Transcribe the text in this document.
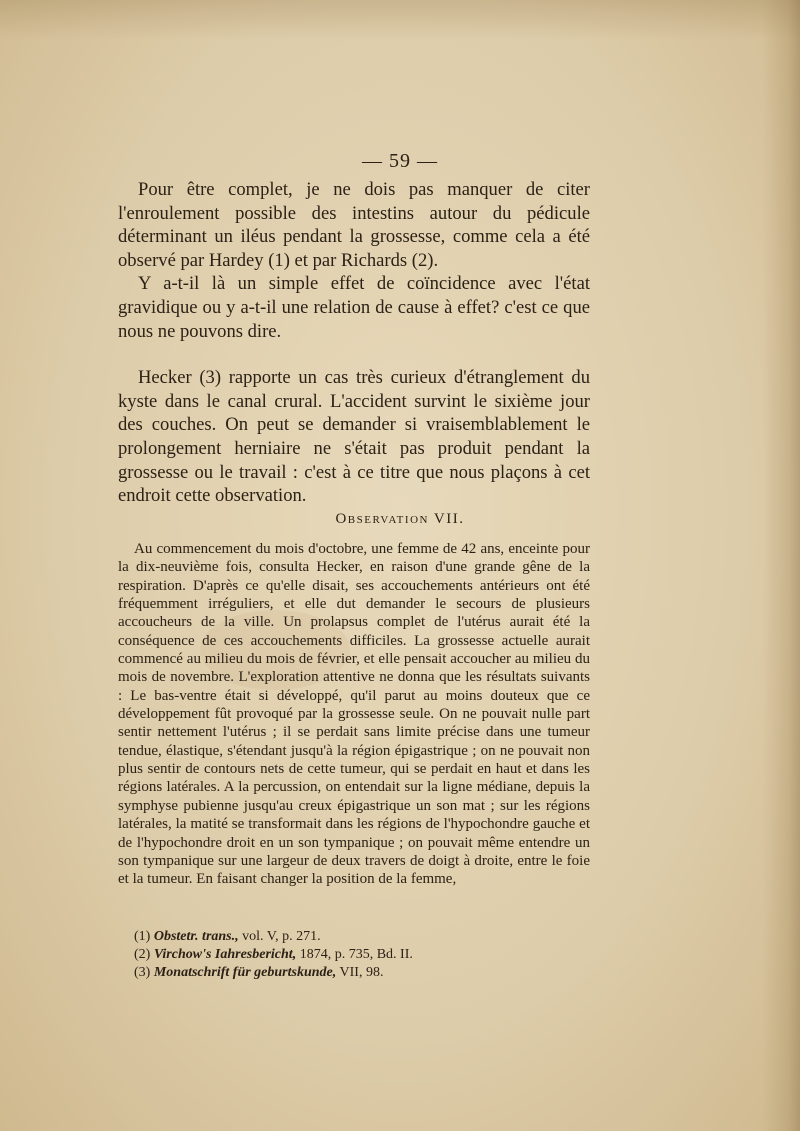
— 59 —

Pour être complet, je ne dois pas manquer de citer l'enroulement possible des intestins autour du pédicule déterminant un iléus pendant la grossesse, comme cela a été observé par Hardey (1) et par Richards (2).

Y a-t-il là un simple effet de coïncidence avec l'état gravidique ou y a-t-il une relation de cause à effet? c'est ce que nous ne pouvons dire.

Hecker (3) rapporte un cas très curieux d'étranglement du kyste dans le canal crural. L'accident survint le sixième jour des couches. On peut se demander si vraisemblablement le prolongement herniaire ne s'était pas produit pendant la grossesse ou le travail : c'est à ce titre que nous plaçons à cet endroit cette observation.

Observation VII.

Au commencement du mois d'octobre, une femme de 42 ans, enceinte pour la dix-neuvième fois, consulta Hecker, en raison d'une grande gêne de la respiration. D'après ce qu'elle disait, ses accouchements antérieurs ont été fréquemment irréguliers, et elle dut demander le secours de plusieurs accoucheurs de la ville. Un prolapsus complet de l'utérus aurait été la conséquence de ces accouchements difficiles. La grossesse actuelle aurait commencé au milieu du mois de février, et elle pensait accoucher au milieu du mois de novembre. L'exploration attentive ne donna que les résultats suivants : Le bas-ventre était si développé, qu'il parut au moins douteux que ce développement fût provoqué par la grossesse seule. On ne pouvait nulle part sentir nettement l'utérus ; il se perdait sans limite précise dans une tumeur tendue, élastique, s'étendant jusqu'à la région épigastrique ; on ne pouvait non plus sentir de contours nets de cette tumeur, qui se perdait en haut et dans les régions latérales. A la percussion, on entendait sur la ligne médiane, depuis la symphyse pubienne jusqu'au creux épigastrique un son mat ; sur les régions latérales, la matité se transformait dans les régions de l'hypochondre gauche et de l'hypochondre droit en un son tympanique ; on pouvait même entendre un son tympanique sur une largeur de deux travers de doigt à droite, entre le foie et la tumeur. En faisant changer la position de la femme,

(1) Obstetr. trans., vol. V, p. 271.
(2) Virchow's Iahresbericht, 1874, p. 735, Bd. II.
(3) Monatschrift für geburtskunde, VII, 98.
